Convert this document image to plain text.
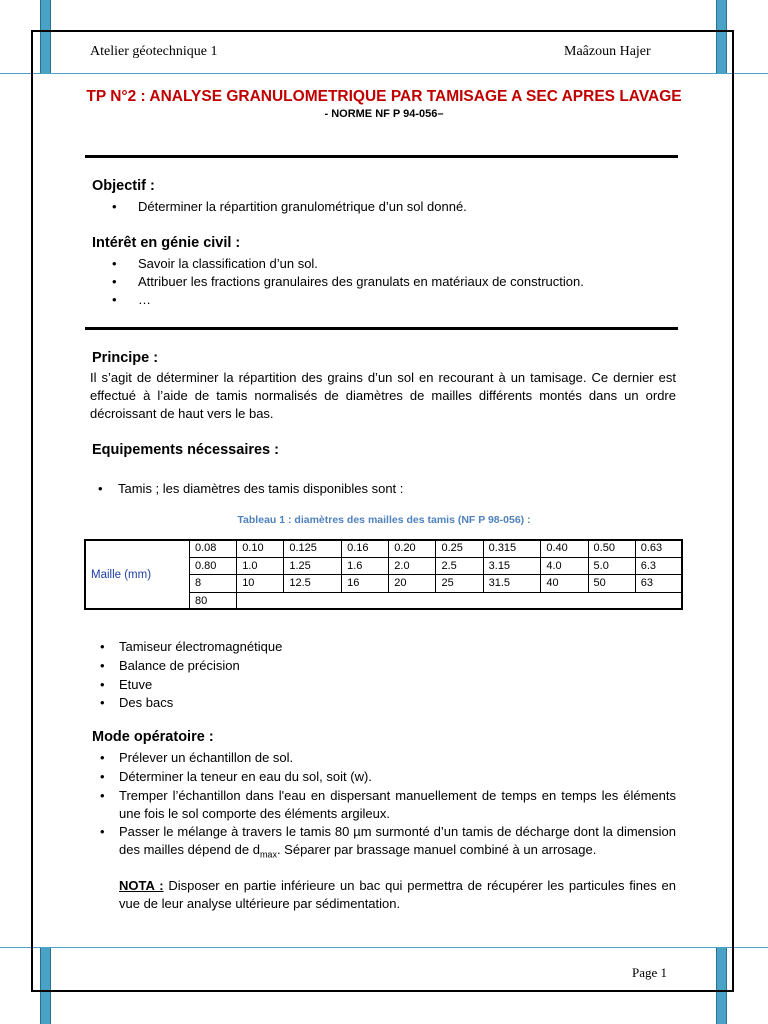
Atelier géotechnique 1	Maâzoun Hajer
TP N°2 : ANALYSE GRANULOMETRIQUE PAR TAMISAGE A SEC APRES LAVAGE
- NORME NF P 94-056–
Objectif :
• Déterminer la répartition granulométrique d’un sol donné.
Intérêt en génie civil :
• Savoir la classification d’un sol.
• Attribuer les fractions granulaires des granulats en matériaux de construction.
• …
Principe :
Il s’agit de déterminer la répartition des grains d’un sol en recourant à un tamisage. Ce dernier est effectué à l’aide de tamis normalisés de diamètres de mailles différents montés dans un ordre décroissant de haut vers le bas.
Equipements nécessaires :
• Tamis ; les diamètres des tamis disponibles sont :
Tableau 1 : diamètres des mailles des tamis (NF P 98-056) :
Maille (mm)	0.08	0.10	0.125	0.16	0.20	0.25	0.315	0.40	0.50	0.63
	0.80	1.0	1.25	1.6	2.0	2.5	3.15	4.0	5.0	6.3
	8	10	12.5	16	20	25	31.5	40	50	63
	80									
• Tamiseur électromagnétique
• Balance de précision
• Etuve
• Des bacs
Mode opératoire :
• Prélever un échantillon de sol.
• Déterminer la teneur en eau du sol, soit (w).
• Tremper l’échantillon dans l'eau en dispersant manuellement de temps en temps les éléments une fois le sol comporte des éléments argileux.
• Passer le mélange à travers le tamis 80 µm surmonté d’un tamis de décharge dont la dimension des mailles dépend de $d_{max}$. Séparer par brassage manuel combiné à un arrosage.
NOTA : Disposer en partie inférieure un bac qui permettra de récupérer les particules fines en vue de leur analyse ultérieure par sédimentation.
Page 1
